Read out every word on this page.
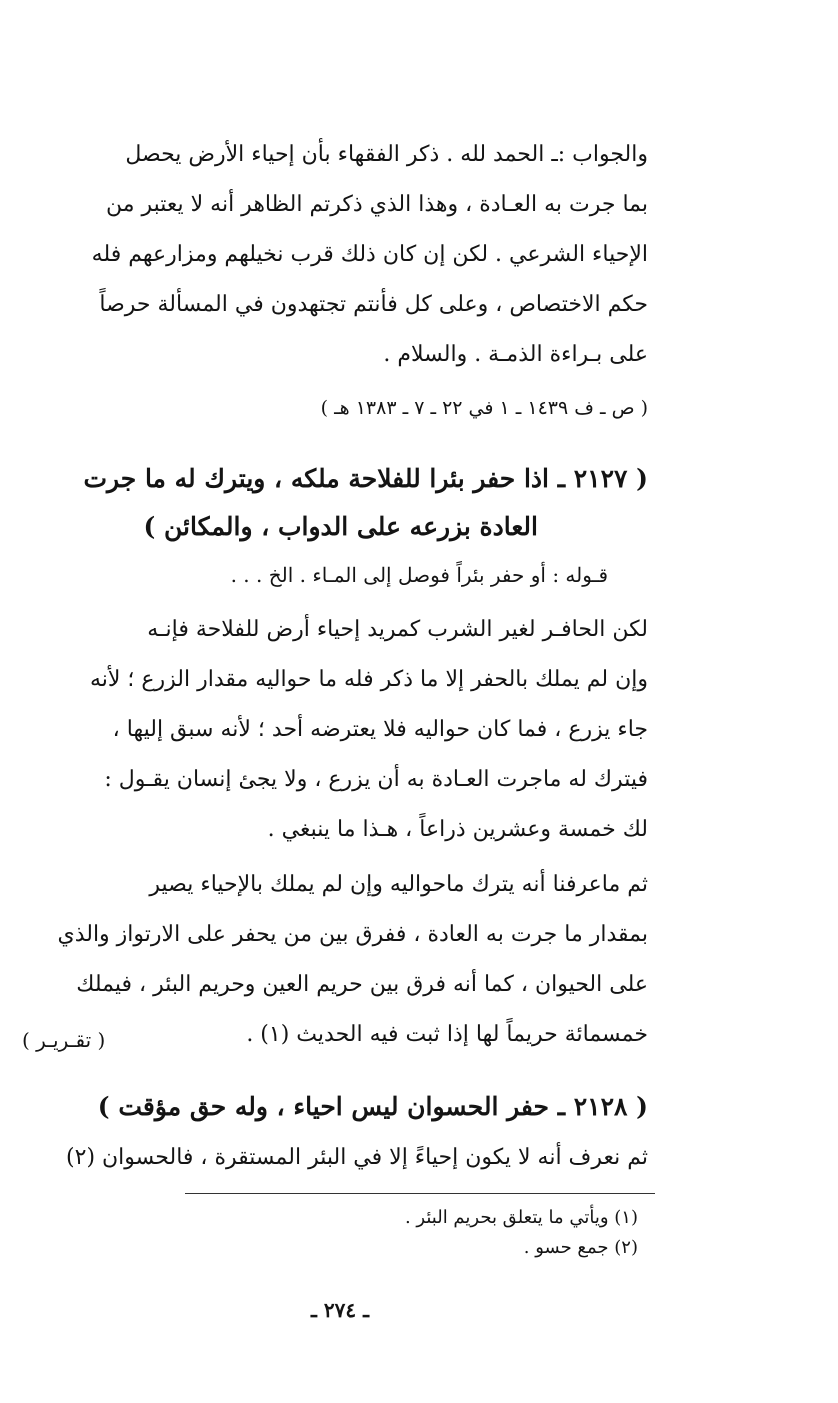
والجواب :ـ الحمد لله . ذكر الفقهاء بأن إحياء الأرض يحصل
بما جرت به العـادة ، وهذا الذي ذكرتم الظاهر أنه لا يعتبر من
الإحياء الشرعي . لكن إن كان ذلك قرب نخيلهم ومزارعهم فله
حكم الاختصاص ، وعلى كل فأنتم تجتهدون في المسألة حرصاً
على بـراءة الذمـة . والسلام .
( ص ـ ف ١٤٣٩ ـ ١ في ٢٢ ـ ٧ ـ ١٣٨٣ هـ )
( ٢١٢٧ ـ اذا حفر بئرا للفلاحة ملكه ، ويترك له ما جرت
العادة بزرعه على الدواب ، والمكائن )
قـوله : أو حفر بئراً فوصل إلى المـاء . الخ . . .
لكن الحافـر لغير الشرب كمريد إحياء أرض للفلاحة فإنـه
وإن لم يملك بالحفر إلا ما ذكر فله ما حواليه مقدار الزرع ؛ لأنه
جاء يزرع ، فما كان حواليه فلا يعترضه أحد ؛ لأنه سبق إليها ،
فيترك له ماجرت العـادة به أن يزرع ، ولا يجئ إنسان يقـول :
لك خمسة وعشرين ذراعاً ، هـذا ما ينبغي .
ثم ماعرفنا أنه يترك ماحواليه وإن لم يملك بالإحياء يصير
بمقدار ما جرت به العادة ، ففرق بين من يحفر على الارتواز والذي
على الحيوان ، كما أنه فرق بين حريم العين وحريم البئر ، فيملك
خمسمائة حريماً لها إذا ثبت فيه الحديث (١) .
( ٢١٢٨ ـ حفر الحسوان ليس احياء ، وله حق مؤقت )
ثم نعرف أنه لا يكون إحياءً إلا في البئر المستقرة ، فالحسوان (٢)
(١) ويأتي ما يتعلق بحريم البئر .
(٢) جمع حسو .
( تقـريـر )
ـ ٢٧٤ ـ
